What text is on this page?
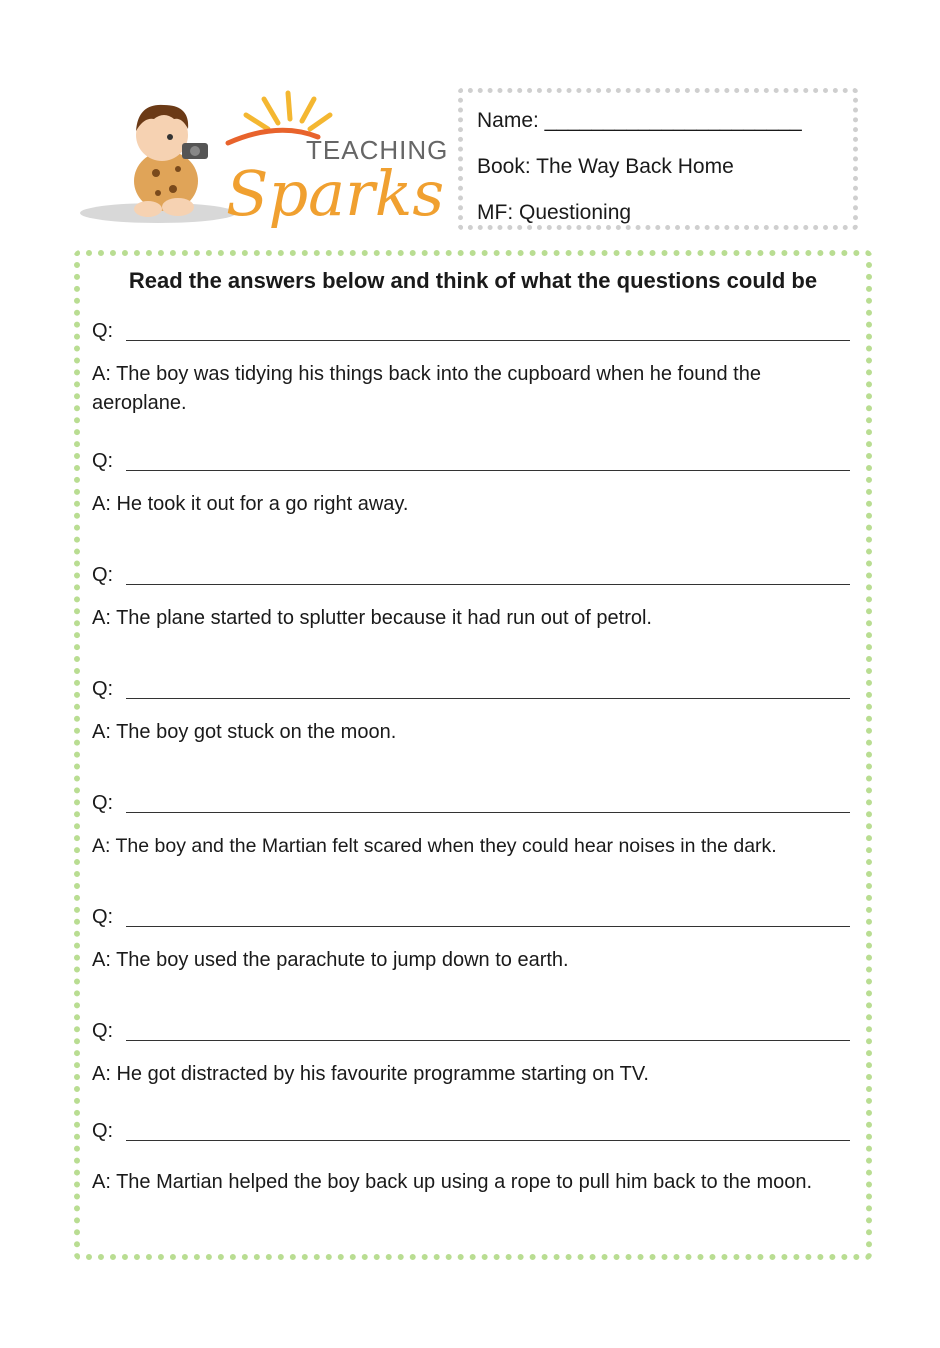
TEACHING
Sparks
Name: ______________________
Book: The Way Back Home
MF: Questioning
Read the answers below and think of what the questions could be
Q:
A: The boy was tidying his things back into the cupboard when he found the aeroplane.
Q:
A: He took it out for a go right away.
Q:
A: The plane started to splutter because it had run out of petrol.
Q:
A: The boy got stuck on the moon.
Q:
A: The boy and the Martian felt scared when they could hear noises in the dark.
Q:
A: The boy used the parachute to jump down to earth.
Q:
A: He got distracted by his favourite programme starting on TV.
Q:
A: The Martian helped the boy back up using a rope to pull him back to the moon.
